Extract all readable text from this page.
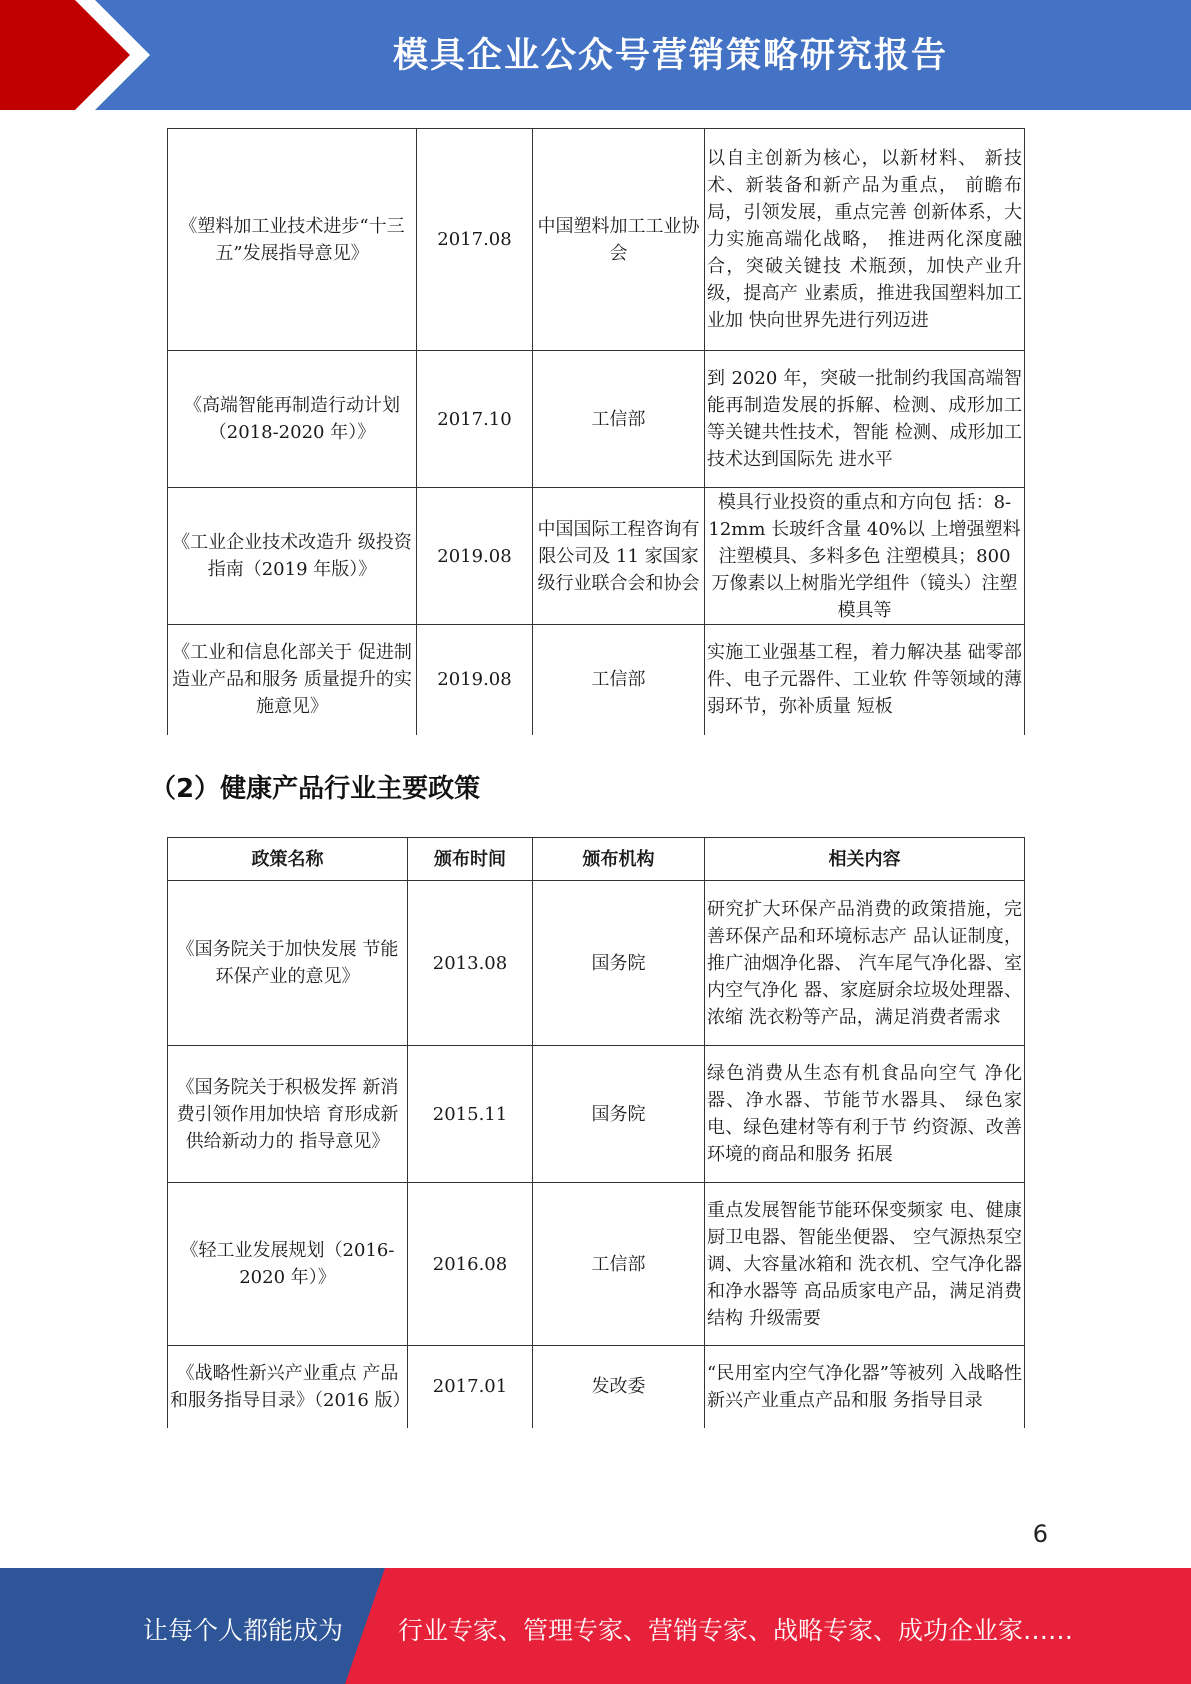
模具企业公众号营销策略研究报告
《塑料加工业技术进步“十三五”发展指导意见》	2017.08	中国塑料加工工业协会	以自主创新为核心，以新材料、 新技术、新装备和新产品为重点， 前瞻布局，引领发展，重点完善 创新体系，大力实施高端化战略， 推进两化深度融合，突破关键技 术瓶颈，加快产业升级，提高产 业素质，推进我国塑料加工业加 快向世界先进行列迈进
《高端智能再制造行动计划（2018-2020 年）》	2017.10	工信部	到 2020 年，突破一批制约我国高端智能再制造发展的拆解、检测、成形加工等关键共性技术，智能 检测、成形加工技术达到国际先 进水平
《工业企业技术改造升 级投资指南（2019 年版）》	2019.08	中国国际工程咨询有限公司及 11 家国家级行业联合会和协会	模具行业投资的重点和方向包 括：8-12mm 长玻纤含量 40%以 上增强塑料注塑模具、多料多色 注塑模具；800 万像素以上树脂光学组件（镜头）注塑模具等
《工业和信息化部关于 促进制造业产品和服务 质量提升的实施意见》	2019.08	工信部	实施工业强基工程，着力解决基 础零部件、电子元器件、工业软 件等领域的薄弱环节，弥补质量 短板
（2）健康产品行业主要政策
政策名称	颁布时间	颁布机构	相关内容
《国务院关于加快发展 节能环保产业的意见》	2013.08	国务院	研究扩大环保产品消费的政策措施，完善环保产品和环境标志产 品认证制度，推广油烟净化器、 汽车尾气净化器、室内空气净化 器、家庭厨余垃圾处理器、浓缩 洗衣粉等产品，满足消费者需求
《国务院关于积极发挥 新消费引领作用加快培 育形成新供给新动力的 指导意见》	2015.11	国务院	绿色消费从生态有机食品向空气 净化器、净水器、节能节水器具、 绿色家电、绿色建材等有利于节 约资源、改善环境的商品和服务 拓展
《轻工业发展规划（2016-2020 年）》	2016.08	工信部	重点发展智能节能环保变频家 电、健康厨卫电器、智能坐便器、 空气源热泵空调、大容量冰箱和 洗衣机、空气净化器和净水器等 高品质家电产品，满足消费结构 升级需要
《战略性新兴产业重点 产品和服务指导目录》（2016 版）	2017.01	发改委	“民用室内空气净化器”等被列 入战略性新兴产业重点产品和服 务指导目录
6
让每个人都能成为 行业专家、管理专家、营销专家、战略专家、成功企业家……
